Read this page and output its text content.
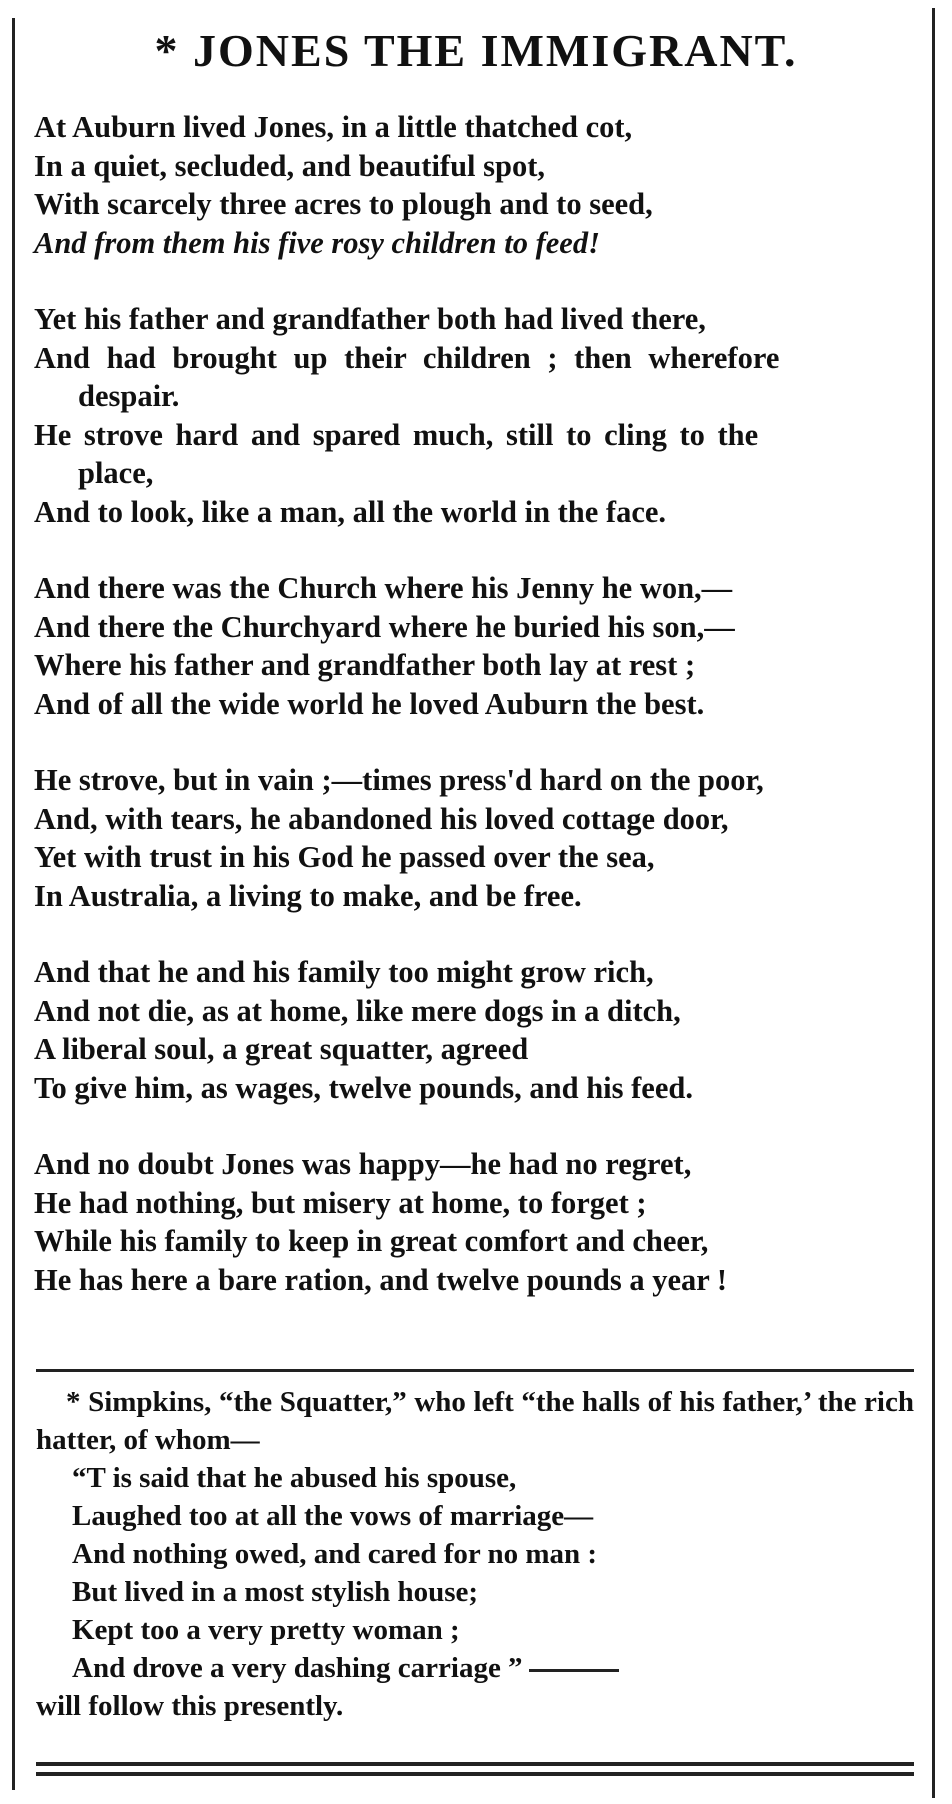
* JONES THE IMMIGRANT.
At Auburn lived Jones, in a little thatched cot,
In a quiet, secluded, and beautiful spot,
With scarcely three acres to plough and to seed,
And from them his five rosy children to feed!
Yet his father and grandfather both had lived there,
And had brought up their children ; then wherefore
despair.
He strove hard and spared much, still to cling to the
place,
And to look, like a man, all the world in the face.
And there was the Church where his Jenny he won,—
And there the Churchyard where he buried his son,—
Where his father and grandfather both lay at rest ;
And of all the wide world he loved Auburn the best.
He strove, but in vain ;—times press'd hard on the poor,
And, with tears, he abandoned his loved cottage door,
Yet with trust in his God he passed over the sea,
In Australia, a living to make, and be free.
And that he and his family too might grow rich,
And not die, as at home, like mere dogs in a ditch,
A liberal soul, a great squatter, agreed
To give him, as wages, twelve pounds, and his feed.
And no doubt Jones was happy—he had no regret,
He had nothing, but misery at home, to forget ;
While his family to keep in great comfort and cheer,
He has here a bare ration, and twelve pounds a year !
* Simpkins, “the Squatter,” who left “the halls of his father,’ the rich hatter, of whom—
“T is said that he abused his spouse,
Laughed too at all the vows of marriage—
And nothing owed, and cared for no man :
But lived in a most stylish house;
Kept too a very pretty woman ;
And drove a very dashing carriage ”
will follow this presently.
